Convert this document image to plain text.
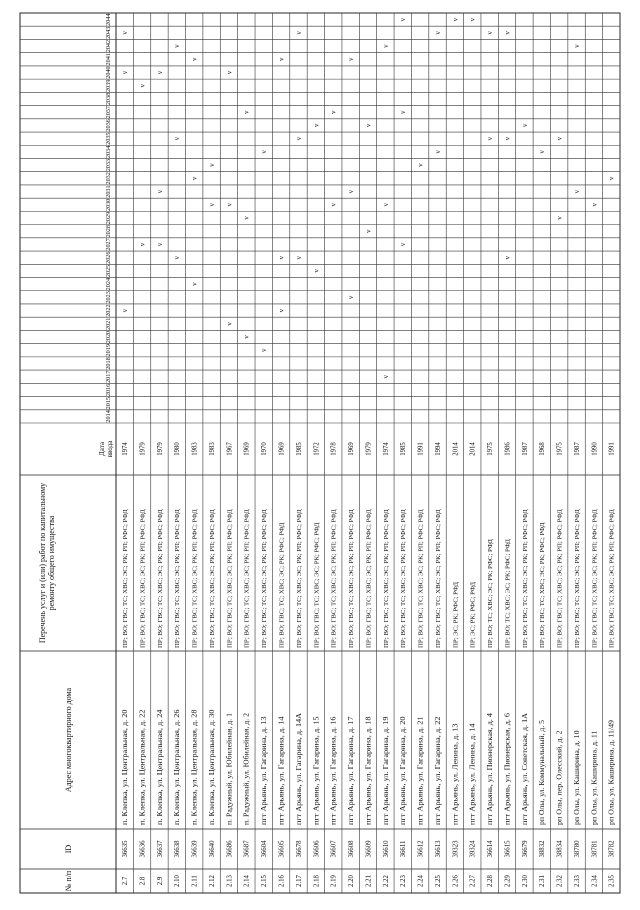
№ п/п
ID
Адрес многоквартирного дома
Перечень услуг и (или) работ по капитальному ремонту общего имущества
Дата ввода
2014
2015
2016
2017
2018
2019
2020
2021
2022
2023
2024
2025
2026
2027
2028
2029
2030
2031
2032
2033
2034
2035
2036
2037
2038
2039
2040
2041
2042
2043
2044
2.7
36635
п. Клепка, ул. Центральная, д. 20
ПР; ВО; ГВС; ТС; ХВС; ЭС; РК; РП; РФС; РФД
1974
v
v
v
2.8
36636
п. Клепка, ул. Центральная, д. 22
ПР; ВО; ГВС; ТС; ХВС; ЭС; РК; РП; РФС; РФД
1979
v
v
2.9
36637
п. Клепка, ул. Центральная, д. 24
ПР; ВО; ГВС; ТС; ХВС; ЭС; РК; РП; РФС; РФД
1979
v
v
v
2.10
36638
п. Клепка, ул. Центральная, д. 26
ПР; ВО; ГВС; ТС; ХВС; ЭС; РК; РП; РФС; РФД
1980
v
v
v
2.11
36639
п. Клепка, ул. Центральная, д. 28
ПР; ВО; ГВС; ТС; ХВС; ЭС; РК; РП; РФС; РФД
1983
v
v
v
2.12
36640
п. Клепка, ул. Центральная, д. 30
ПР; ВО; ГВС; ТС; ХВС; ЭС; РК; РП; РФС; РФД
1983
v
v
2.13
36686
п. Радужный, ул. Юбилейная, д. 1
ПР; ВО; ГВС; ТС; ХВС; ЭС; РК; РП; РФС; РФД
1967
v
v
v
2.14
36687
п. Радужный, ул. Юбилейная, д. 2
ПР; ВО; ГВС; ТС; ХВС; ЭС; РК; РП; РФС; РФД
1969
v
v
v
2.15
36604
пгт Арьянь, ул. Гагарина, д. 13
ПР; ВО; ГВС; ТС; ХВС; ЭС; РК; РП; РФС; РФД
1970
v
v
2.16
36605
пгт Арьянь, ул. Гагарина, д. 14
ПР; ВО; ГВС; ТС; ХВС; ЭС; РК; РФС; РФД
1969
v
v
v
2.17
36678
пгт Арьянь, ул. Гагарина, д. 14А
ПР; ВО; ГВС; ТС; ХВС; ЭС; РК; РП; РФС; РФД
1985
v
v
v
2.18
36606
пгт Арьянь, ул. Гагарина, д. 15
ПР; ВО; ГВС; ТС; ХВС; ЭС; РК; РФС; РФД
1972
v
v
2.19
36607
пгт Арьянь, ул. Гагарина, д. 16
ПР; ВО; ГВС; ТС; ХВС; ЭС; РК; РП; РФС; РФД
1978
v
v
2.20
36608
пгт Арьянь, ул. Гагарина, д. 17
ПР; ВО; ГВС; ТС; ХВС; ЭС; РК; РП; РФС; РФД
1969
v
v
v
2.21
36609
пгт Арьянь, ул. Гагарина, д. 18
ПР; ВО; ГВС; ТС; ХВС; ЭС; РК; РП; РФС; РФД
1979
v
v
2.22
36610
пгт Арьянь, ул. Гагарина, д. 19
ПР; ВО; ГВС; ТС; ХВС; ЭС; РК; РП; РФС; РФД
1974
v
v
v
2.23
36611
пгт Арьянь, ул. Гагарина, д. 20
ПР; ВО; ГВС; ТС; ХВС; ЭС; РК; РП; РФС; РФД
1985
v
v
v
2.24
36612
пгт Арьянь, ул. Гагарина, д. 21
ПР; ВО; ГВС; ТС; ХВС; ЭС; РК; РП; РФС; РФД
1991
v
2.25
36613
пгт Арьянь, ул. Гагарина, д. 22
ПР; ВО; ГВС; ТС; ХВС; ЭС; РК; РП; РФС; РФД
1994
v
v
2.26
39323
пгт Арьянь, ул. Ленина, д. 13
ПР; ЭС; РК; РФС; РФД
2014
v
2.27
39324
пгт Арьянь, ул. Ленина, д. 14
ПР; ЭС; РК; РФС; РФД
2014
v
2.28
36614
пгт Арьянь, ул. Пионерская, д. 4
ПР; ВО; ТС; ХВС; ЭС; РК; РФС; РФД
1975
v
v
2.29
36615
пгт Арьянь, ул. Пионерская, д. 6
ПР; ВО; ТС; ХВС; ЭС; РК; РФС; РФД
1986
v
v
v
2.30
36679
пгт Арьянь, ул. Советская, д. 1А
ПР; ВО; ГВС; ТС; ХВС; ЭС; РК; РП; РФС; РФД
1987
v
2.31
38832
рп Олы, ул. Коммунальный, д. 5
ПР; ВО; ГВС; ТС; ХВС; ЭС; РК; РФС; РФД
1968
v
2.32
38834
рп Олы, пер. Олесский, д. 2
ПР; ВО; ГВС; ТС; ХВС; ЭС; РК; РП; РФС; РФД
1975
v
v
2.33
38780
рп Олы, ул. Каширина, д. 10
ПР; ВО; ГВС; ТС; ХВС; ЭС; РК; РП; РФС; РФД
1987
v
v
2.34
38781
рп Олы, ул. Каширина, д. 11
ПР; ВО; ГВС; ТС; ХВС; ЭС; РК; РП; РФС; РФД
1990
v
2.35
38782
рп Олы, ул. Каширина, д. 11/49
ПР; ВО; ГВС; ТС; ХВС; ЭС; РК; РП; РФС; РФД
1991
v
